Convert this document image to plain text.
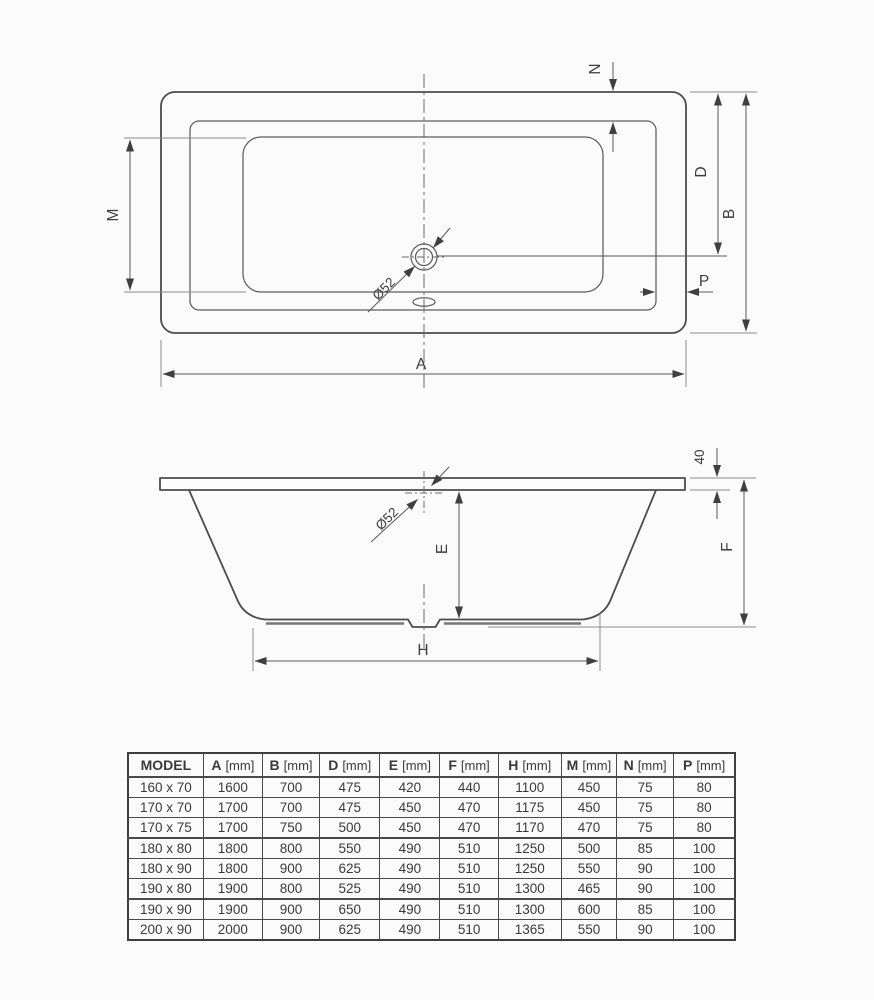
Ø52
M
N
D
B
P
A
Ø52
E
40
F
H
MODEL	A [mm]	B [mm]	D [mm]	E [mm]	F [mm]	H [mm]	M [mm]	N [mm]	P [mm]
160 x 70	1600	700	475	420	440	1100	450	75	80
170 x 70	1700	700	475	450	470	1175	450	75	80
170 x 75	1700	750	500	450	470	1170	470	75	80
180 x 80	1800	800	550	490	510	1250	500	85	100
180 x 90	1800	900	625	490	510	1250	550	90	100
190 x 80	1900	800	525	490	510	1300	465	90	100
190 x 90	1900	900	650	490	510	1300	600	85	100
200 x 90	2000	900	625	490	510	1365	550	90	100
